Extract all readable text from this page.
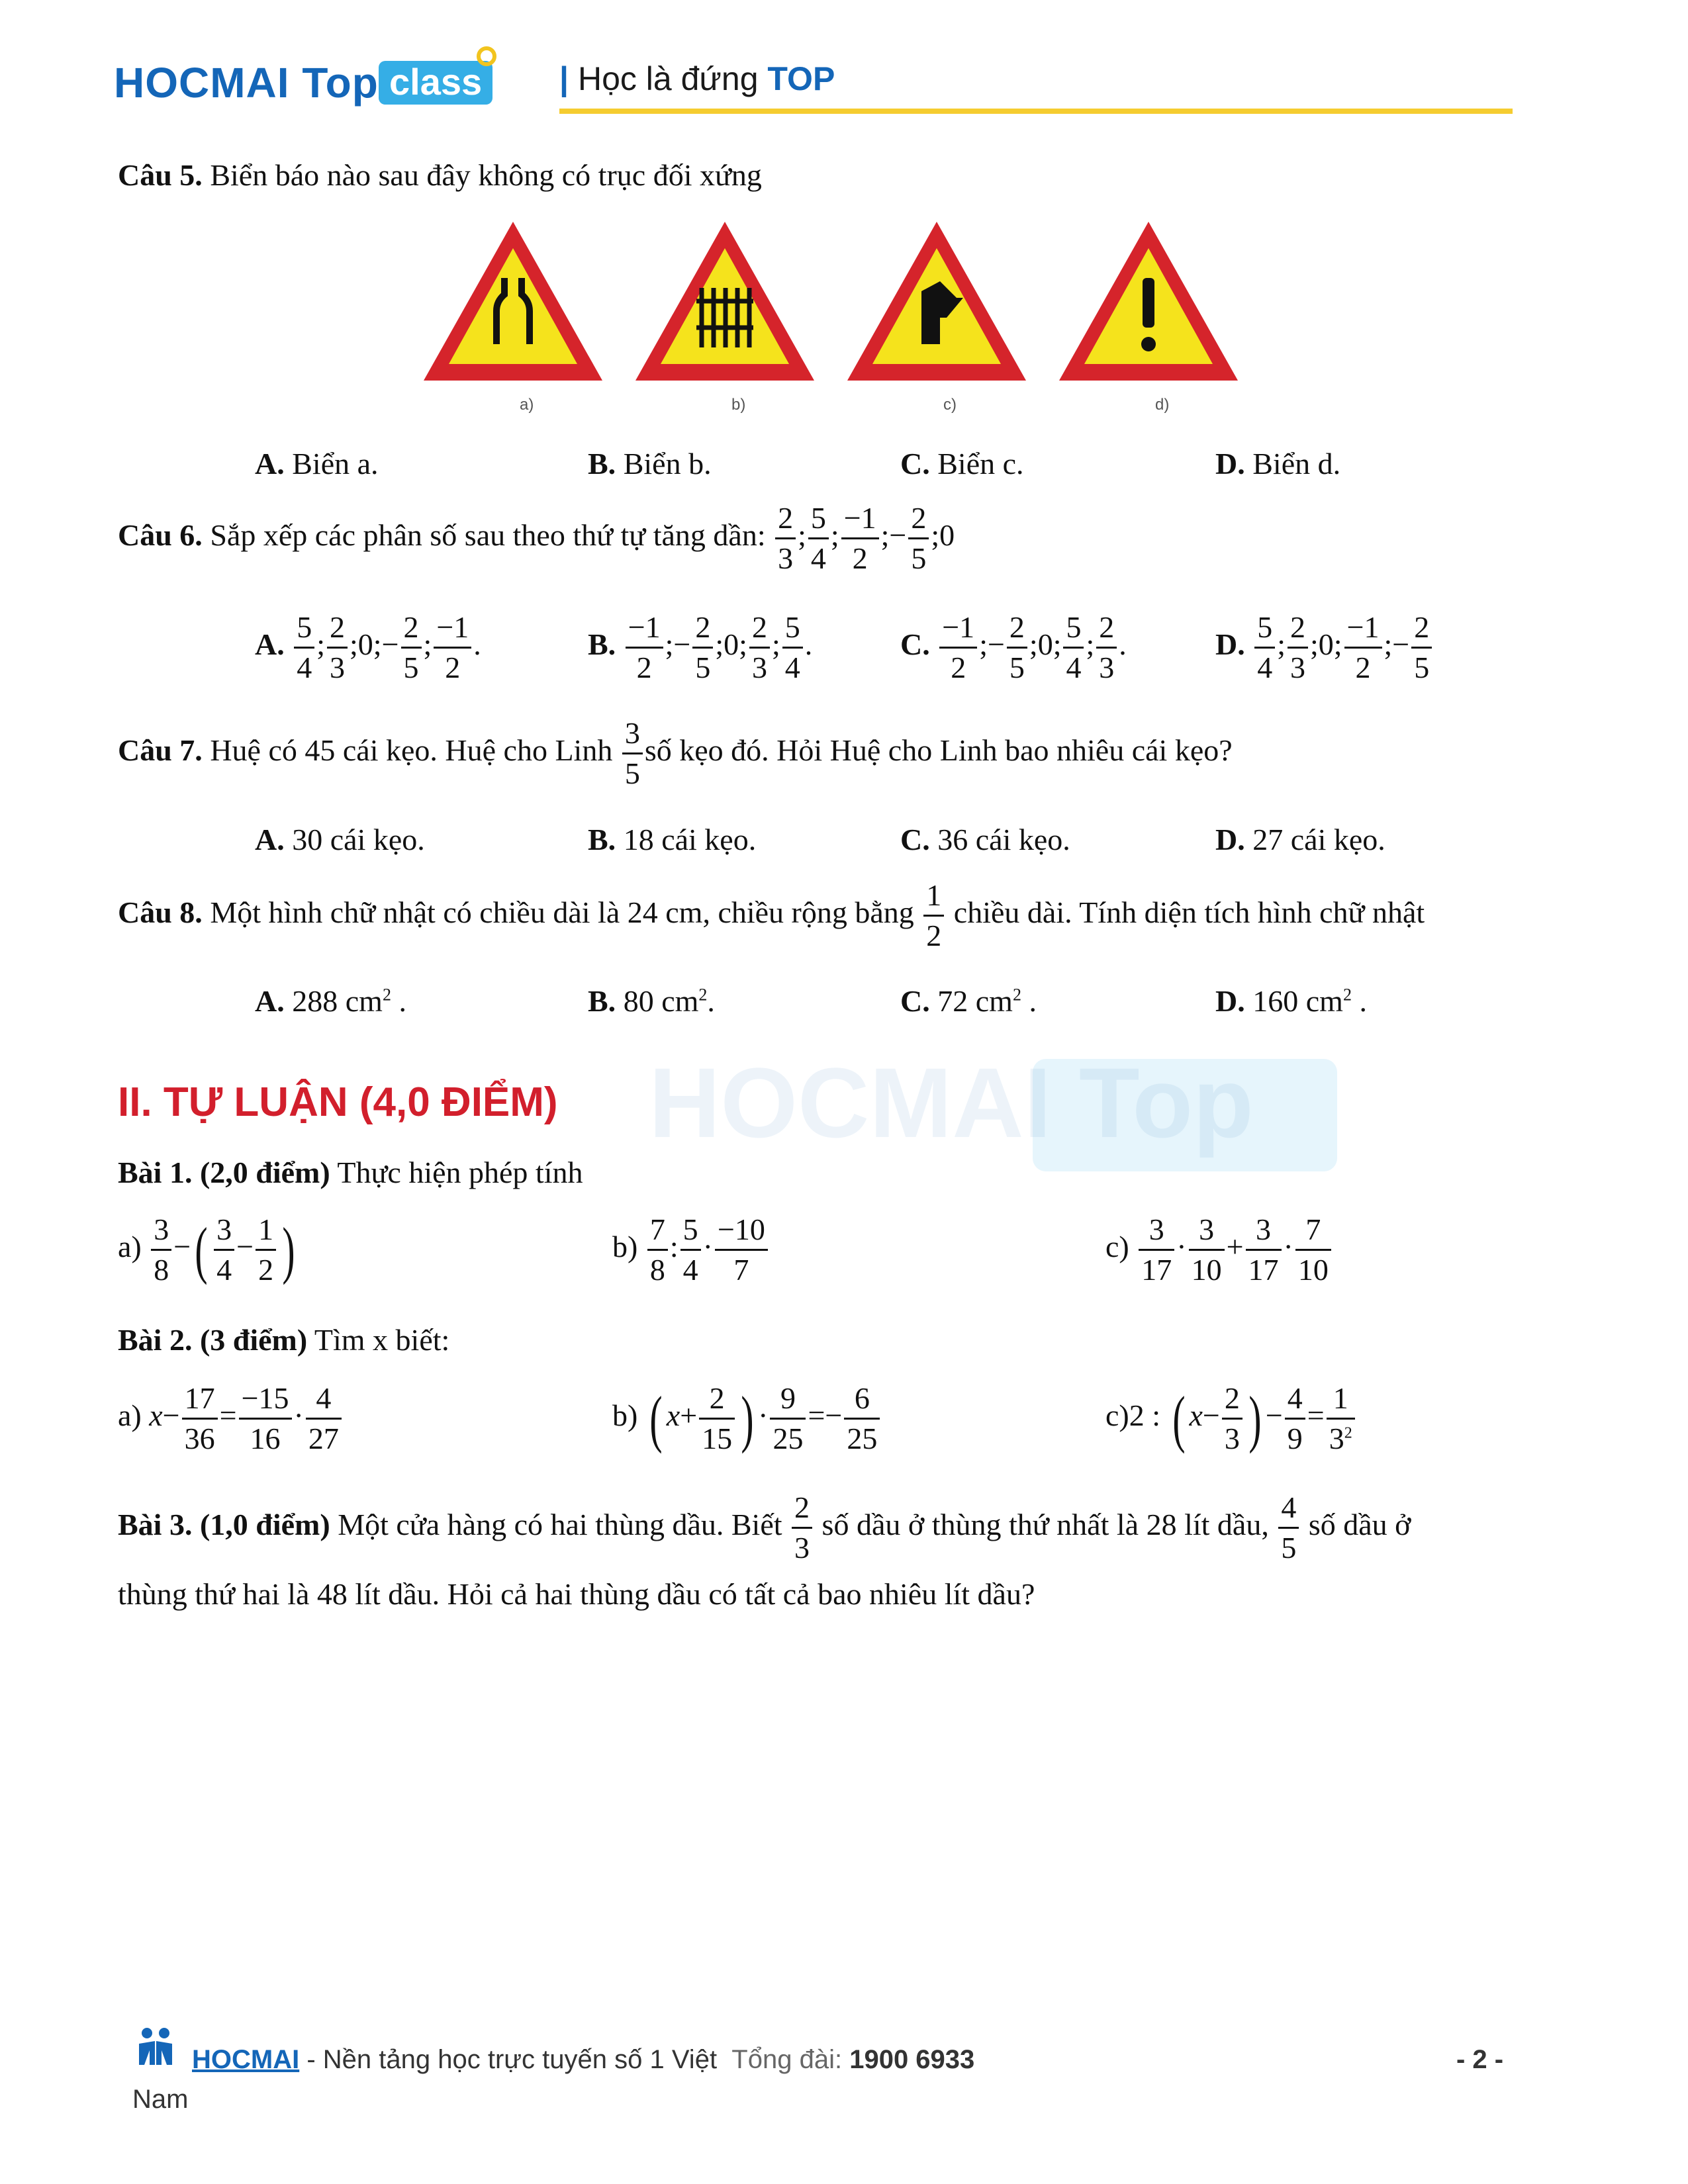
HOCMAI Top class	| Học là đứng TOP
HOCMAI Top
Câu 5. Biển báo nào sau đây không có trục đối xứng
a)	b)	c)	d)
A. Biển a.	B. Biển b.	C. Biển c.	D. Biển d.
Câu 6. Sắp xếp các phân số sau theo thứ tự tăng dần: $\frac{2}{3}$ ; $\frac{5}{4}$ ; $\frac{-1}{2}$ ;− $\frac{2}{5}$ ;0
A. $\frac{5}{4}$ ; $\frac{2}{3}$ ;0;− $\frac{2}{5}$ ; $\frac{-1}{2}$ .	B. $\frac{-1}{2}$ ;− $\frac{2}{5}$ ;0; $\frac{2}{3}$ ; $\frac{5}{4}$ .	C. $\frac{-1}{2}$ ;− $\frac{2}{5}$ ;0; $\frac{5}{4}$ ; $\frac{2}{3}$ .	D. $\frac{5}{4}$ ; $\frac{2}{3}$ ;0; $\frac{-1}{2}$ ;− $\frac{2}{5}$
Câu 7. Huệ có 45 cái kẹo. Huệ cho Linh $\frac{3}{5}$ số kẹo đó. Hỏi Huệ cho Linh bao nhiêu cái kẹo?
A. 30 cái kẹo.	B. 18 cái kẹo.	C. 36 cái kẹo.	D. 27 cái kẹo.
Câu 8. Một hình chữ nhật có chiều dài là 24 cm, chiều rộng bằng $\frac{1}{2}$ chiều dài. Tính diện tích hình chữ nhật
A. 288 $cm^2$ .	B. 80 $cm^2$.	C. 72 $cm^2$ .	D. 160 $cm^2$ .
II. TỰ LUẬN (4,0 ĐIỂM)
Bài 1. (2,0 điểm) Thực hiện phép tính
$a) \frac{3}{8}$ −( $\frac{3}{4} - \frac{1}{2}$ )	$b) \frac{7}{8}$ : $\frac{5}{4} \cdot \frac{-10}{7}$	$c) \frac{3}{17} \cdot \frac{3}{10} + \frac{3}{17} \cdot \frac{7}{10}$
Bài 2. (3 điểm) Tìm x biết:
a) $x- \frac{17}{36} = \frac{-15}{16} \cdot \frac{4}{27}$	b) ( $x+ \frac{2}{15}$ ) · $\frac{9}{25} =- \frac{6}{25}$	c)2 : ( $x- \frac{2}{3}$ ) − $\frac{4}{9} = \frac{1}{3^2}$
Bài 3. (1,0 điểm) Một cửa hàng có hai thùng dầu. Biết $\frac{2}{3}$ số dầu ở thùng thứ nhất là 28 lít dầu, $\frac{4}{5}$ số dầu ở
thùng thứ hai là 48 lít dầu. Hỏi cả hai thùng dầu có tất cả bao nhiêu lít dầu?
HOCMAI - Nền tảng học trực tuyến số 1 Việt Tổng đài: 1900 6933	- 2 -
Nam
